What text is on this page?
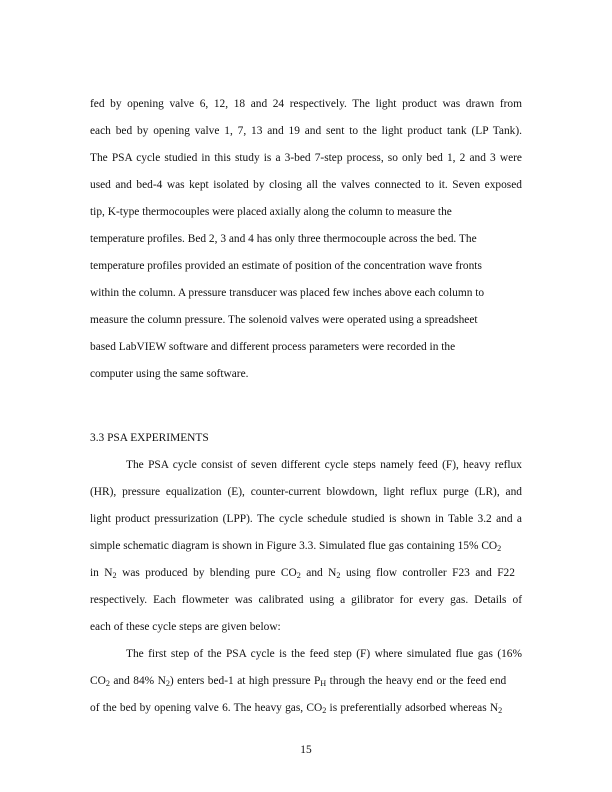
fed by opening valve 6, 12, 18 and 24 respectively. The light product was drawn from
each bed by opening valve 1, 7, 13 and 19 and sent to the light product tank (LP Tank).
The PSA cycle studied in this study is a 3-bed 7-step process, so only bed 1, 2 and 3 were
used and bed-4 was kept isolated by closing all the valves connected to it. Seven exposed
tip, K-type thermocouples were placed axially along the column to measure the
temperature profiles. Bed 2, 3 and 4 has only three thermocouple across the bed. The
temperature profiles provided an estimate of position of the concentration wave fronts
within the column. A pressure transducer was placed few inches above each column to
measure the column pressure. The solenoid valves were operated using a spreadsheet
based LabVIEW software and different process parameters were recorded in the
computer using the same software.
3.3 PSA EXPERIMENTS
The PSA cycle consist of seven different cycle steps namely feed (F), heavy reflux
(HR), pressure equalization (E), counter-current blowdown, light reflux purge (LR), and
light product pressurization (LPP). The cycle schedule studied is shown in Table 3.2 and a
simple schematic diagram is shown in Figure 3.3. Simulated flue gas containing 15% $CO_2$
in $N_2$ was produced by blending pure $CO_2$ and $N_2$ using flow controller F23 and F22
respectively. Each flowmeter was calibrated using a gilibrator for every gas. Details of
each of these cycle steps are given below:
The first step of the PSA cycle is the feed step (F) where simulated flue gas (16%
$CO_2$ and 84% $N_2$) enters bed-1 at high pressure $P_H$ through the heavy end or the feed end
of the bed by opening valve 6. The heavy gas, $CO_2$ is preferentially adsorbed whereas $N_2$
15
